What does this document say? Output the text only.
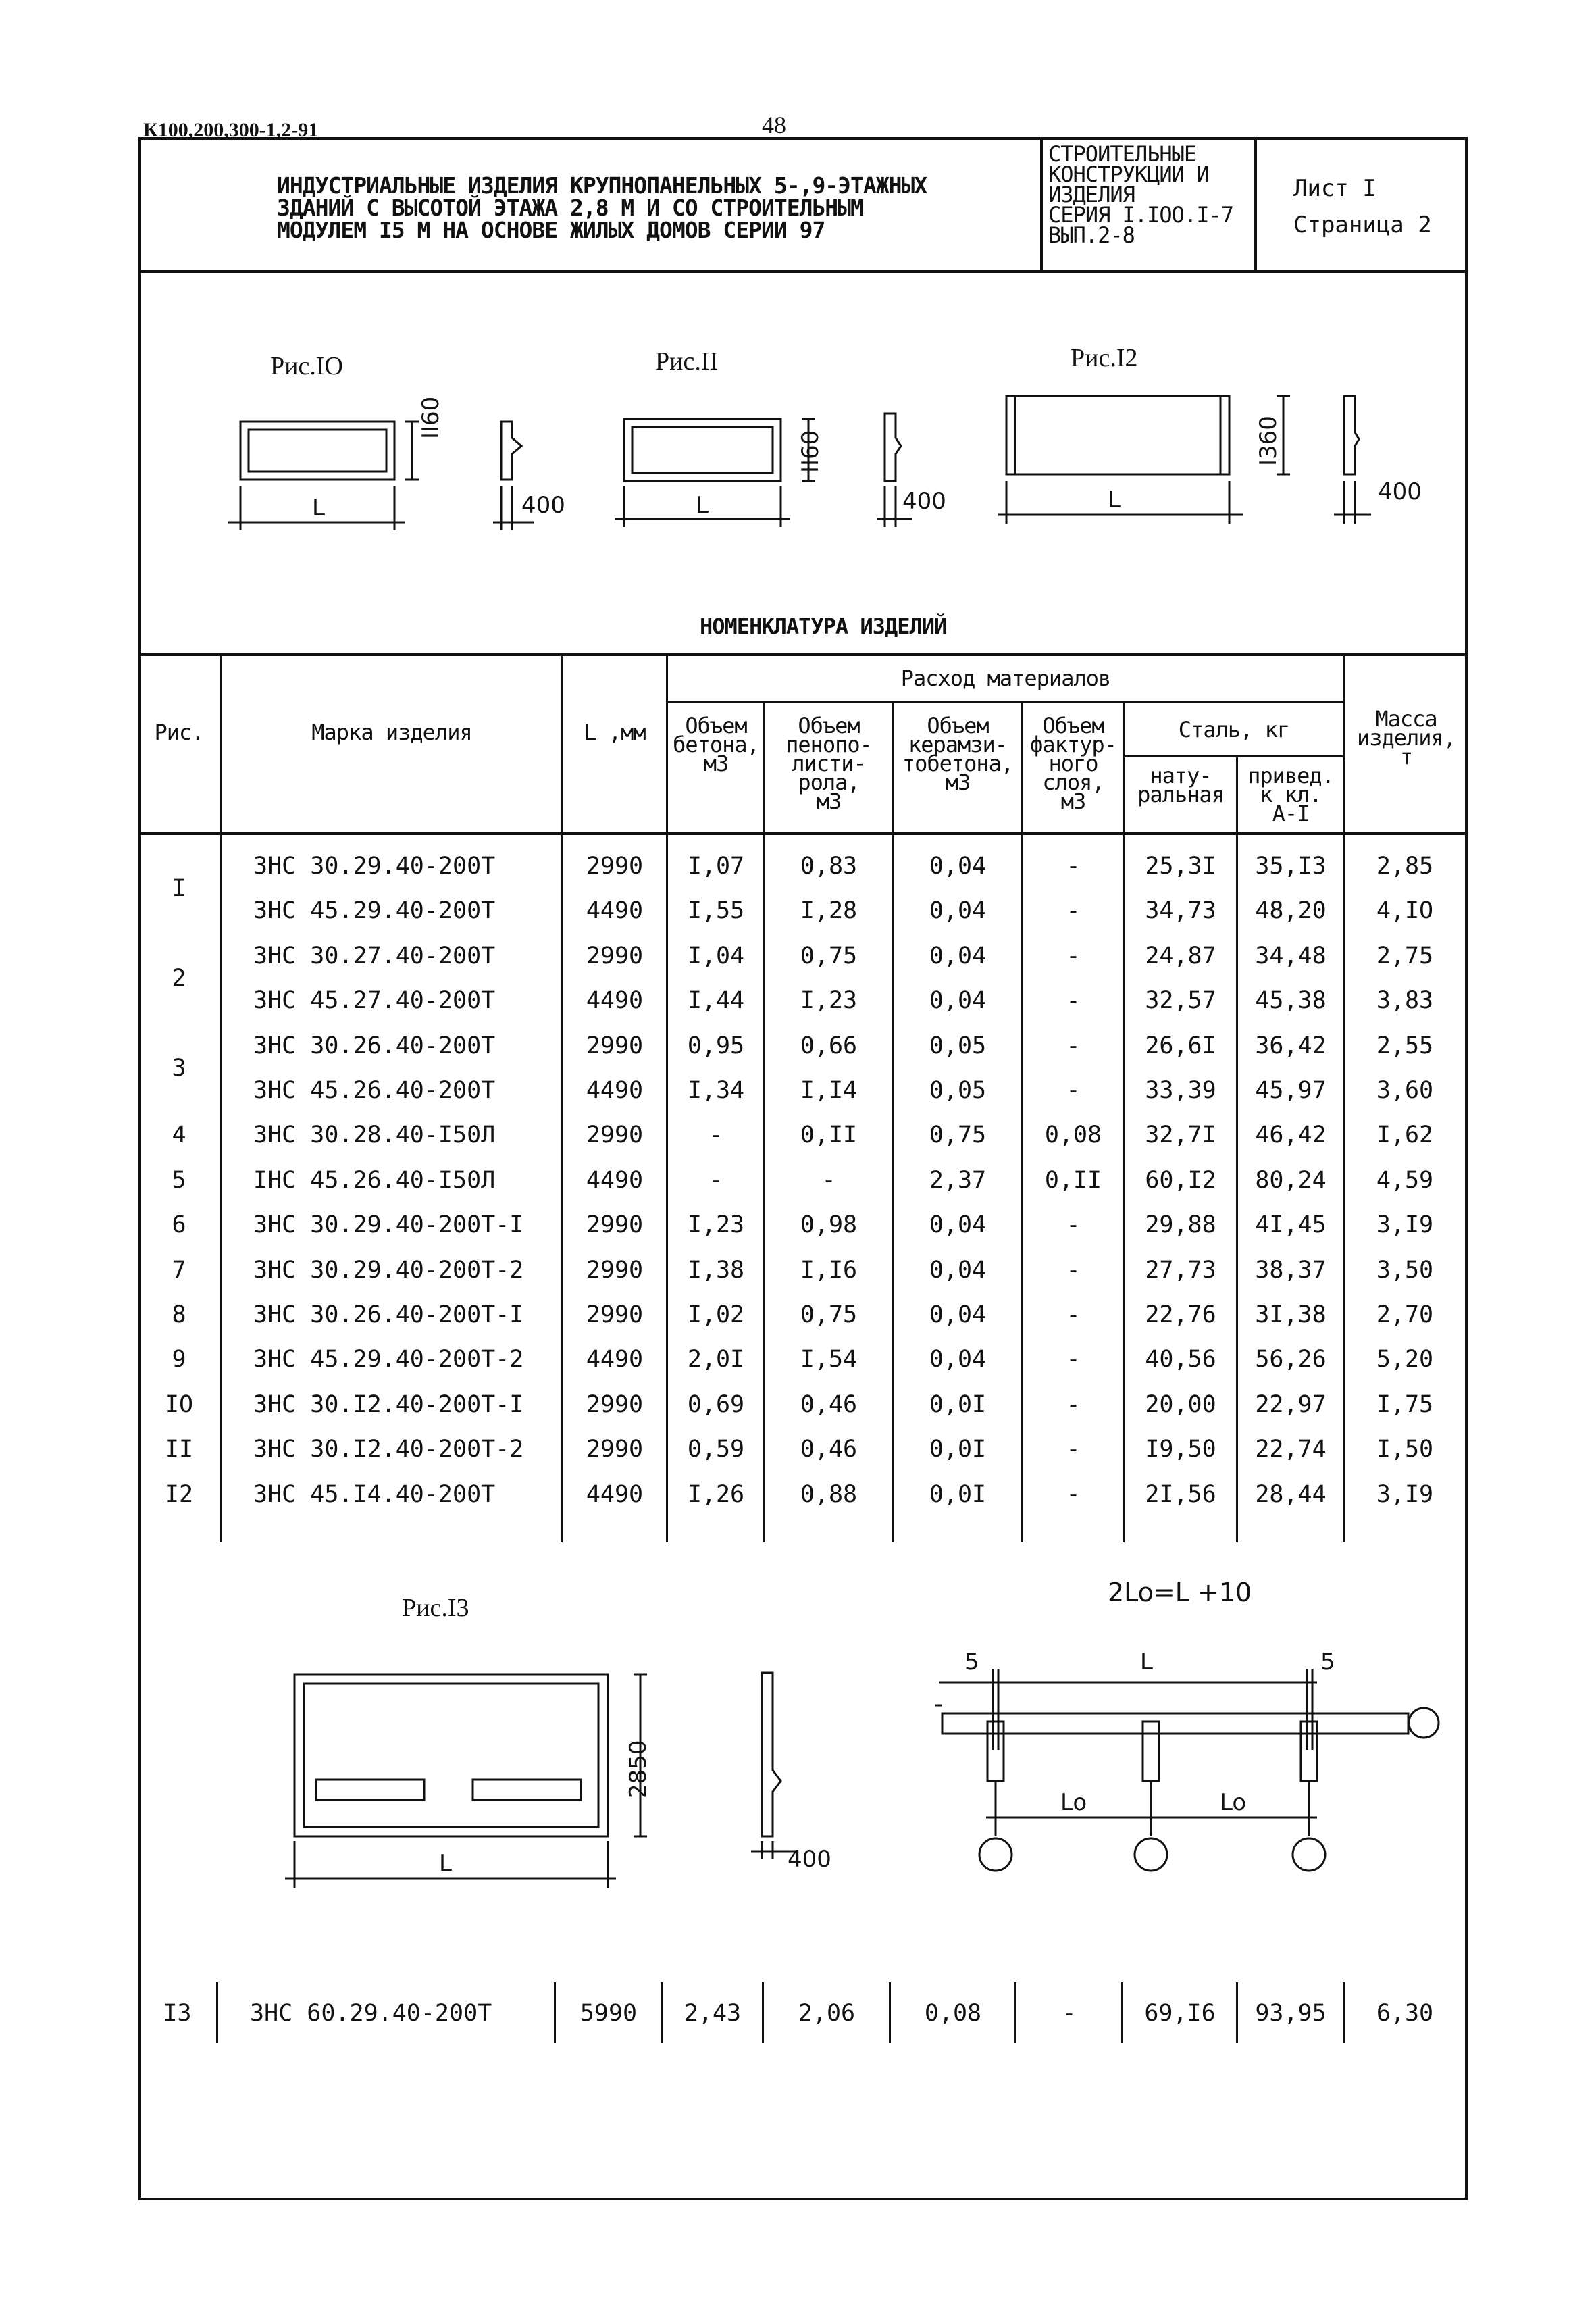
К100,200,300-1,2-91	48
ИНДУСТРИАЛЬНЫЕ ИЗДЕЛИЯ КРУПНОПАНЕЛЬНЫХ 5-,9-ЭТАЖНЫХ
ЗДАНИЙ С ВЫСОТОЙ ЭТАЖА 2,8 М И СО СТРОИТЕЛЬНЫМ
МОДУЛЕМ I5 М НА ОСНОВЕ ЖИЛЫХ ДОМОВ СЕРИИ 97
СТРОИТЕЛЬНЫЕ
КОНСТРУКЦИИ И
ИЗДЕЛИЯ
СЕРИЯ I.IОО.I-7
ВЫП.2-8
Лист I
Страница 2
Рис.IО	Рис.II	Рис.I2
L
II60
400	L
II60
400	L
I360
400
НОМЕНКЛАТУРА ИЗДЕЛИЙ
Рис.	Марка изделия	L ,мм
Расход материалов
Объем
бетона,
м3
Объем
пенопо-
листи-
рола,
м3
Объем
керамзи-
тобетона,
м3
Объем
фактур-
ного
слоя,
м3
Сталь, кг
нату-
ральная
привед.
к кл.
А-I
Масса
изделия,
т
I
ЗНС 30.29.40-200Т	2990	I,07	0,83	0,04	-	25,3I	35,I3	2,85
ЗНС 45.29.40-200Т	4490	I,55	I,28	0,04	-	34,73	48,20	4,IО
2
ЗНС 30.27.40-200Т	2990	I,04	0,75	0,04	-	24,87	34,48	2,75
ЗНС 45.27.40-200Т	4490	I,44	I,23	0,04	-	32,57	45,38	3,83
3
ЗНС 30.26.40-200Т	2990	0,95	0,66	0,05	-	26,6I	36,42	2,55
ЗНС 45.26.40-200Т	4490	I,34	I,I4	0,05	-	33,39	45,97	3,60
4	ЗНС 30.28.40-I50Л	2990	-	0,II	0,75	0,08	32,7I	46,42	I,62
5	IНС 45.26.40-I50Л	4490	-	-	2,37	0,II	60,I2	80,24	4,59
6	ЗНС 30.29.40-200Т-I	2990	I,23	0,98	0,04	-	29,88	4I,45	3,I9
7	ЗНС 30.29.40-200Т-2	2990	I,38	I,I6	0,04	-	27,73	38,37	3,50
8	ЗНС 30.26.40-200Т-I	2990	I,02	0,75	0,04	-	22,76	3I,38	2,70
9	ЗНС 45.29.40-200Т-2	4490	2,0I	I,54	0,04	-	40,56	56,26	5,20
IО	ЗНС 30.I2.40-200Т-I	2990	0,69	0,46	0,0I	-	20,00	22,97	I,75
II	ЗНС 30.I2.40-200Т-2	2990	0,59	0,46	0,0I	-	I9,50	22,74	I,50
I2	ЗНС 45.I4.40-200Т	4490	I,26	0,88	0,0I	-	2I,56	28,44	3,I9
Рис.I3
2Lo=L +10
L
2850
400
5	5
L
Lo	Lo
I3	ЗНС 60.29.40-200Т	5990	2,43	2,06	0,08	-	69,I6	93,95	6,30
